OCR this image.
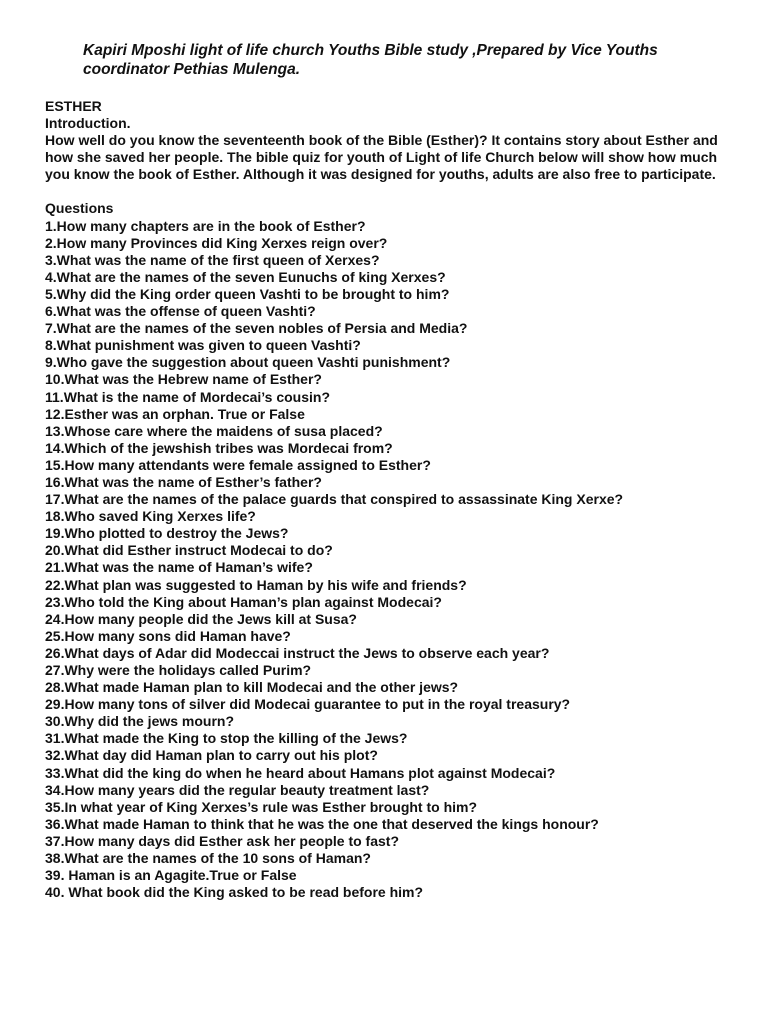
Kapiri Mposhi light of life church Youths Bible study ,Prepared by Vice Youths
coordinator Pethias Mulenga.

ESTHER

Introduction.

How well do you know the seventeenth book of the Bible (Esther)? It contains story about Esther and how she saved her people. The bible quiz for youth of Light of life Church below will show how much you know the book of Esther. Although it was designed for youths, adults are also free to participate.

Questions

1.How many chapters are in the book of Esther?
2.How many Provinces did King Xerxes reign over?
3.What was the name of the first queen of Xerxes?
4.What are the names of the seven Eunuchs of king Xerxes?
5.Why did the King order queen Vashti to be brought to him?
6.What was the offense of queen Vashti?
7.What are the names of the seven nobles of Persia and Media?
8.What punishment was given to queen Vashti?
9.Who gave the suggestion about queen Vashti punishment?
10.What was the Hebrew name of Esther?
11.What is the name of Mordecai’s cousin?
12.Esther was an orphan. True or False
13.Whose care where the maidens of susa placed?
14.Which of the jewshish tribes was Mordecai from?
15.How many attendants were female assigned to Esther?
16.What was the name of Esther’s father?
17.What are the names of the palace guards that conspired to assassinate King Xerxe?
18.Who saved King Xerxes life?
19.Who plotted to destroy the Jews?
20.What did Esther instruct Modecai to do?
21.What was the name of Haman’s wife?
22.What plan was suggested to Haman by his wife and friends?
23.Who told the King about Haman’s plan against Modecai?
24.How many people did the Jews kill at Susa?
25.How many sons did Haman have?
26.What days of Adar did Modeccai instruct the Jews to observe each year?
27.Why were the holidays called Purim?
28.What made Haman plan to kill Modecai and the other jews?
29.How many tons of silver did Modecai guarantee to put in the royal treasury?
30.Why did the jews mourn?
31.What made the King to stop the killing of the Jews?
32.What day did Haman plan to carry out his plot?
33.What did the king do when he heard about Hamans plot against Modecai?
34.How many years did the regular beauty treatment last?
35.In what year of King Xerxes’s rule was Esther brought to him?
36.What made Haman to think that he was the one that deserved the kings honour?
37.How many days did Esther ask her people to fast?
38.What are the names of the 10 sons of Haman?
39. Haman is an Agagite.True or False
40. What book did the King asked to be read before him?
